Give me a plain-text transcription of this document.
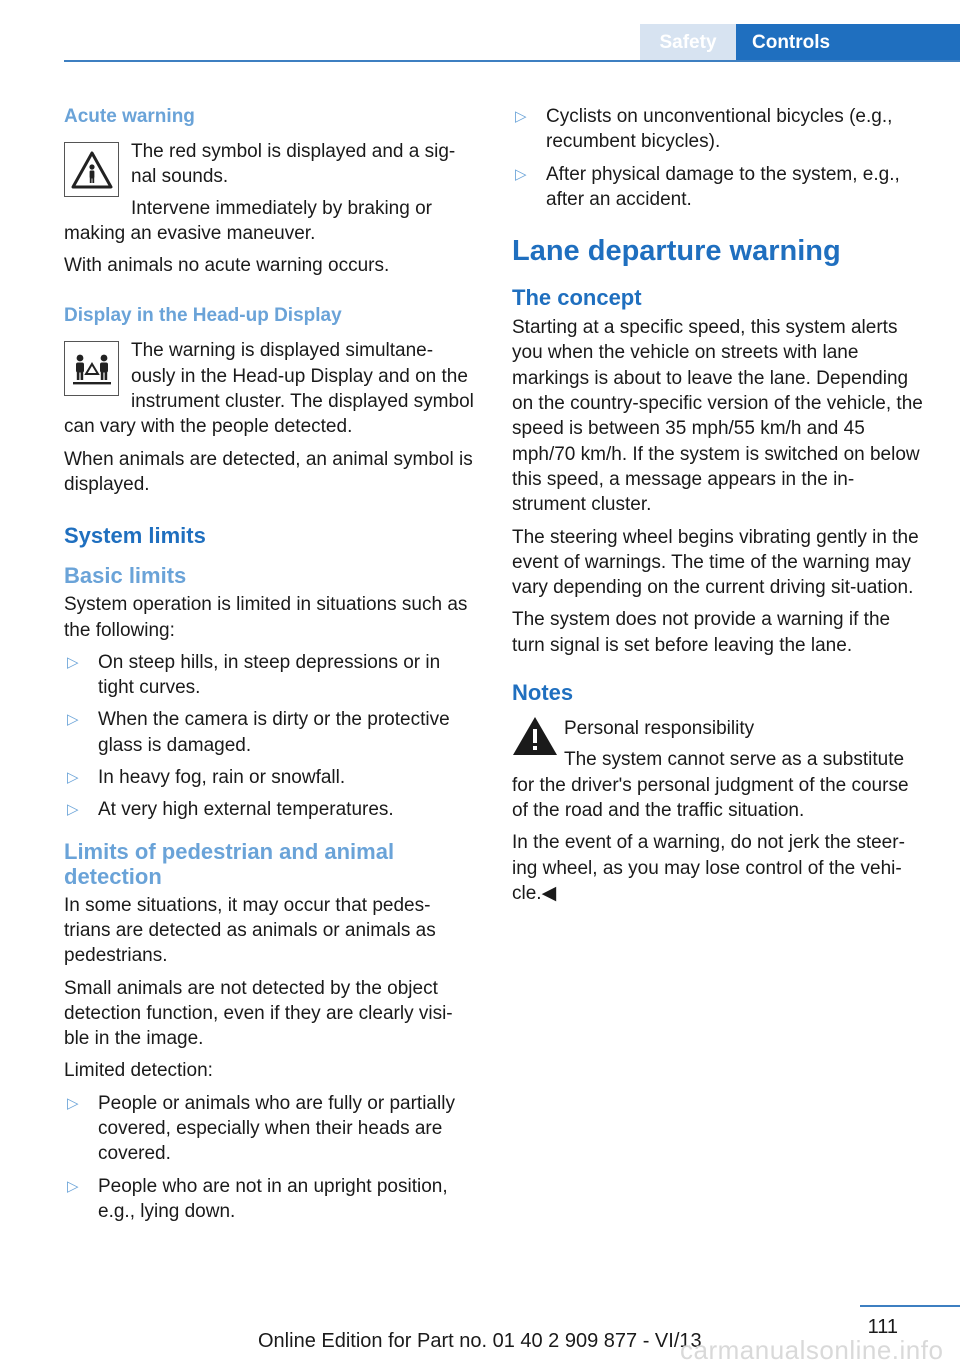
Safety	Controls
Acute warning

The red symbol is displayed and a sig‐nal sounds.

Intervene immediately by braking or making an evasive maneuver.

With animals no acute warning occurs.

Display in the Head-up Display

The warning is displayed simultane‐ously in the Head-up Display and on the instrument cluster. The displayed symbol can vary with the people detected.

When animals are detected, an animal symbol is displayed.

System limits
Basic limits

System operation is limited in situations such as the following:

▷ On steep hills, in steep depressions or in tight curves.
▷ When the camera is dirty or the protective glass is damaged.
▷ In heavy fog, rain or snowfall.
▷ At very high external temperatures.
Limits of pedestrian and animal detection

In some situations, it may occur that pedes‐trians are detected as animals or animals as pedestrians.

Small animals are not detected by the object detection function, even if they are clearly visi‐ble in the image.

Limited detection:

▷ People or animals who are fully or partially covered, especially when their heads are covered.
▷ People who are not in an upright position, e.g., lying down.
▷ Cyclists on unconventional bicycles (e.g., recumbent bicycles).
▷ After physical damage to the system, e.g., after an accident.
Lane departure warning
The concept

Starting at a specific speed, this system alerts you when the vehicle on streets with lane markings is about to leave the lane. Depending on the country-specific version of the vehicle, the speed is between 35 mph/55 km/h and 45 mph/70 km/h. If the system is switched on below this speed, a message appears in the in‐strument cluster.

The steering wheel begins vibrating gently in the event of warnings. The time of the warning may vary depending on the current driving sit‐uation.

The system does not provide a warning if the turn signal is set before leaving the lane.

Notes

Personal responsibility

The system cannot serve as a substitute for the driver's personal judgment of the course of the road and the traffic situation.

In the event of a warning, do not jerk the steer‐ing wheel, as you may lose control of the vehi‐cle.◀

111
Online Edition for Part no. 01 40 2 909 877 - VI/13
carmanualsonline.info
